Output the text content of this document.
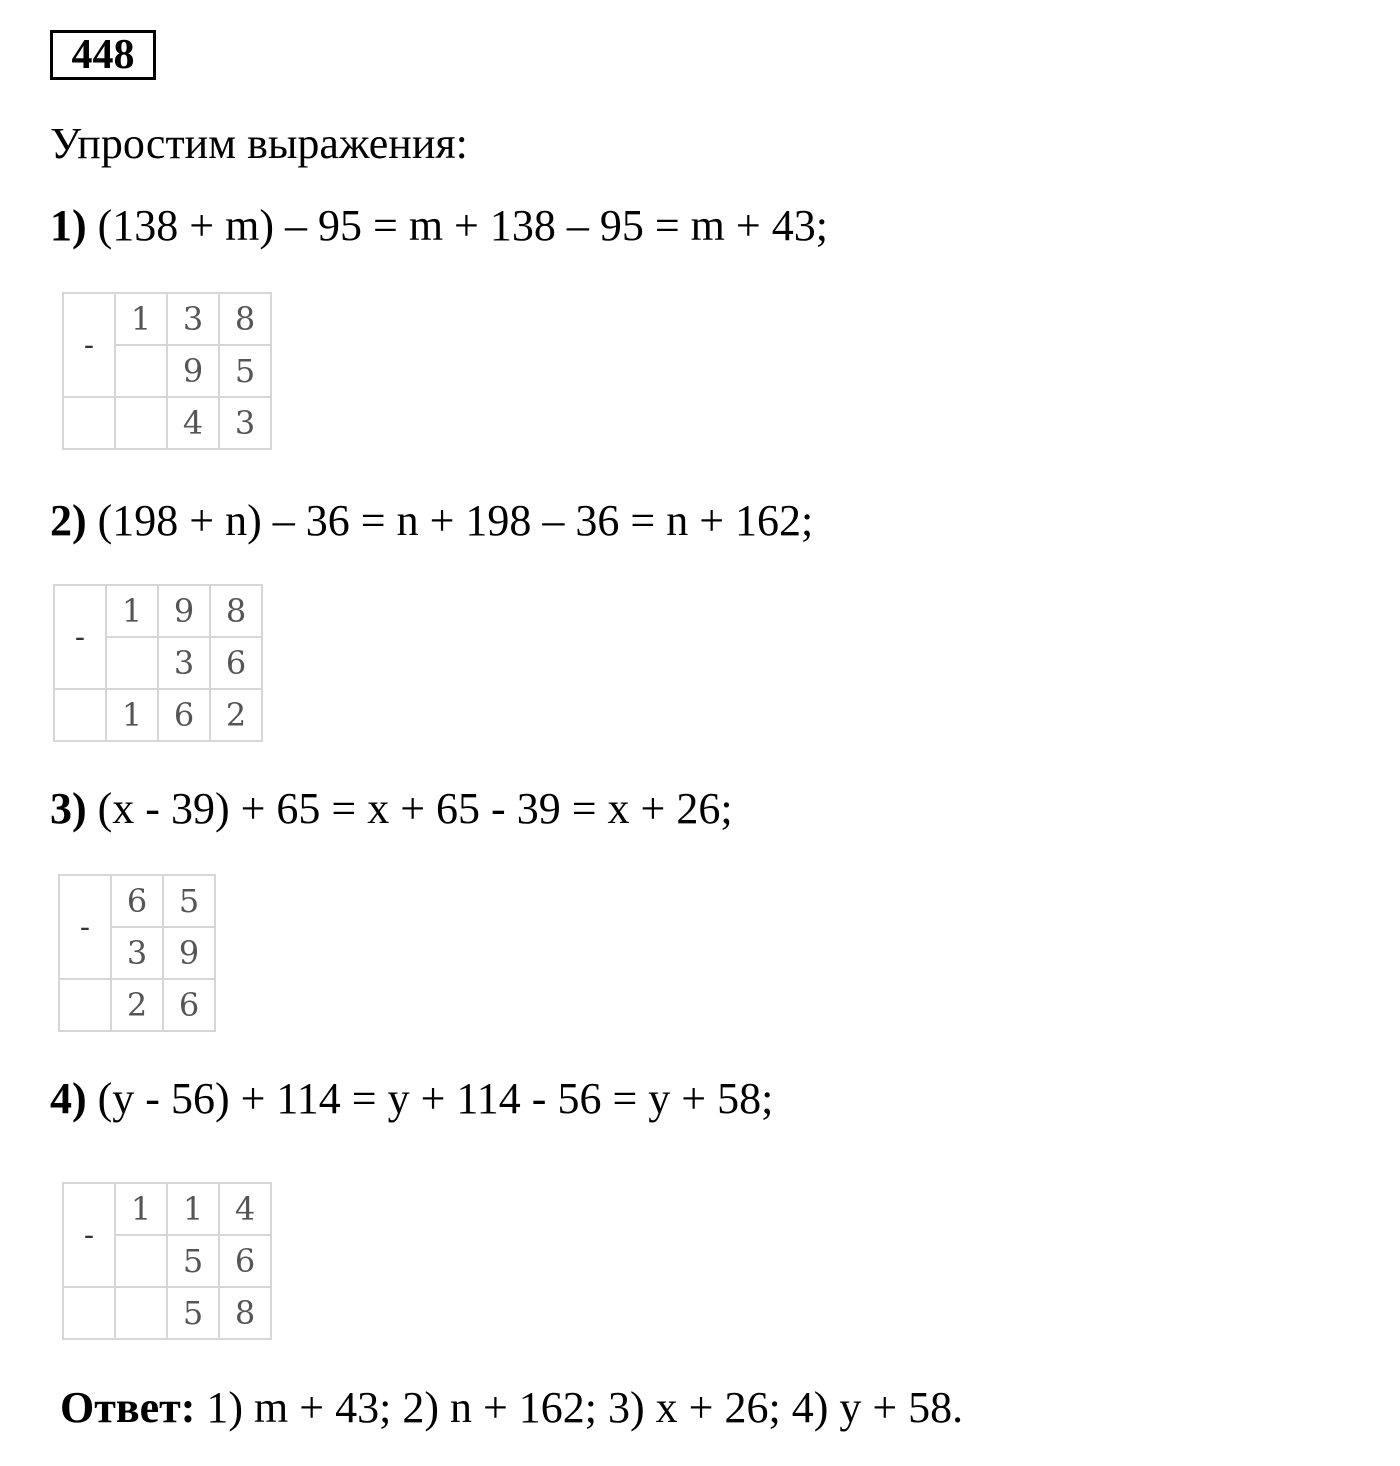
448
Упростим выражения:
1) (138 + m) – 95 = m + 138 – 95 = m + 43;
-	1	3	8
		9	5
		4	3
2) (198 + n) – 36 = n + 198 – 36 = n + 162;
-	1	9	8
		3	6
	1	6	2
3) (x - 39) + 65 = x + 65 - 39 = x + 26;
-	6	5
	3	9
	2	6
4) (y - 56) + 114 = y + 114 - 56 = y + 58;
-	1	1	4
		5	6
		5	8
Ответ: 1) m + 43; 2) n + 162; 3) x + 26; 4) y + 58.
